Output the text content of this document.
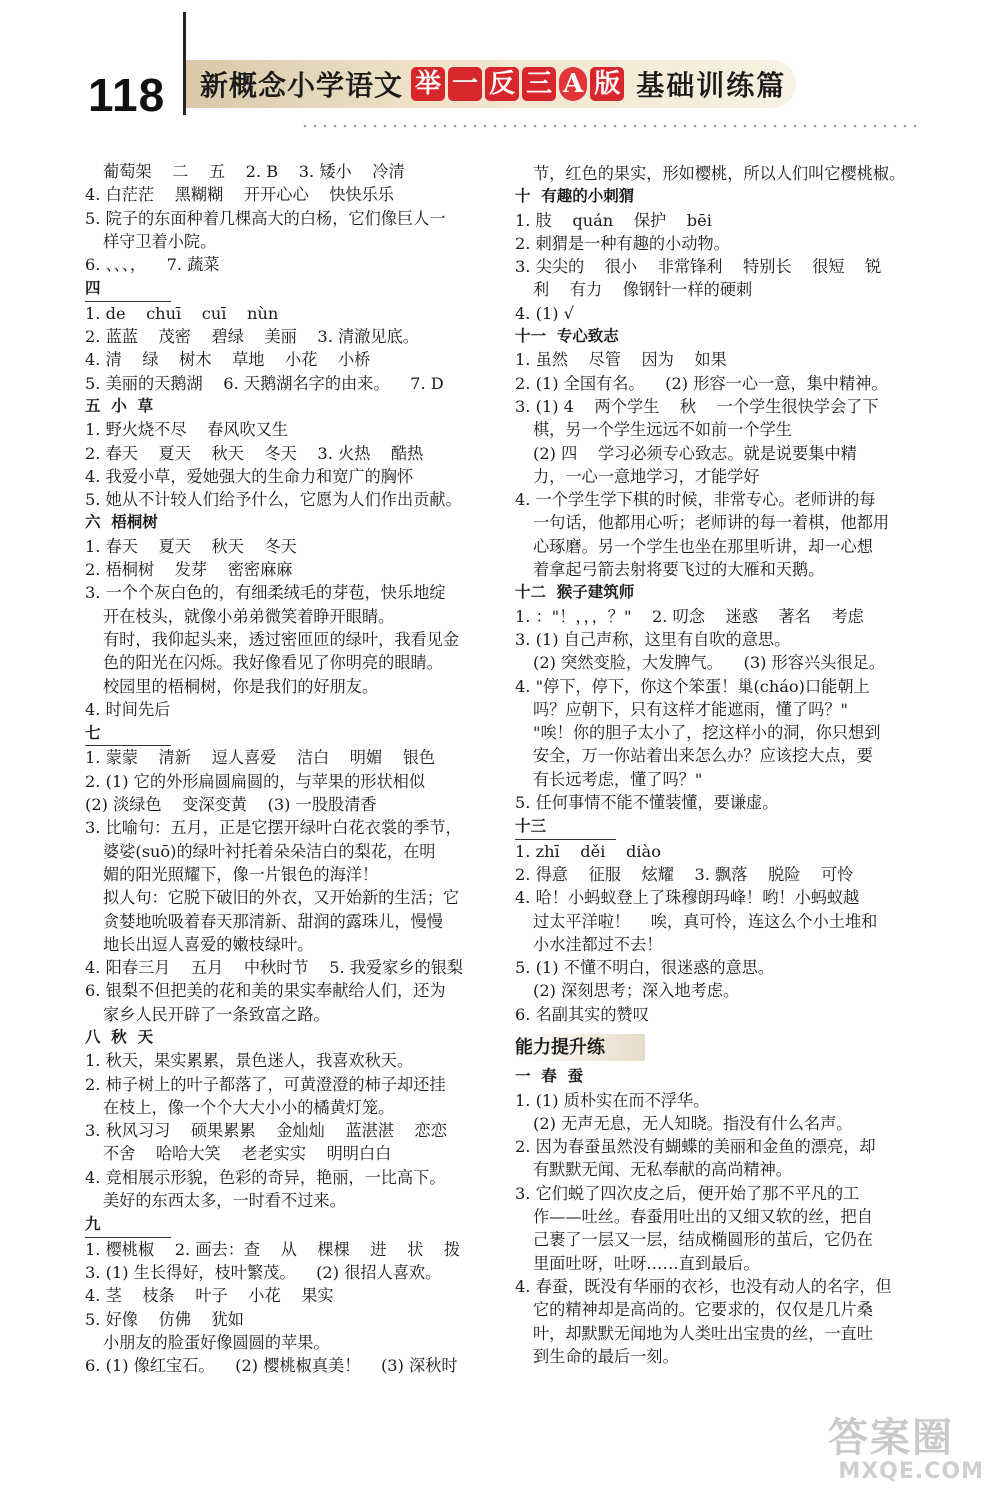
118 新概念小学语文 举 一 反 三 A 版 基础训练篇
葡萄架    二    五    2. B    3. 矮小    冷清
4. 白茫茫    黑糊糊    开开心心    快快乐乐
5. 院子的东面种着几棵高大的白杨，它们像巨人一
样守卫着小院。
6. 、、、，    7. 蔬菜
四
1. de    chuī    cuī    nùn
2. 蓝蓝    茂密    碧绿    美丽    3. 清澈见底。
4. 清    绿    树木    草地    小花    小桥
5. 美丽的天鹅湖    6. 天鹅湖名字的由来。    7. D
五  小  草
1. 野火烧不尽    春风吹又生
2. 春天    夏天    秋天    冬天    3. 火热    酷热
4. 我爱小草，爱她强大的生命力和宽广的胸怀
5. 她从不计较人们给予什么，它愿为人们作出贡献。
六  梧桐树
1. 春天    夏天    秋天    冬天
2. 梧桐树    发芽    密密麻麻
3. 一个个灰白色的，有细柔绒毛的芽苞，快乐地绽
开在枝头，就像小弟弟微笑着睁开眼睛。
有时，我仰起头来，透过密匝匝的绿叶，我看见金
色的阳光在闪烁。我好像看见了你明亮的眼睛。
校园里的梧桐树，你是我们的好朋友。
4. 时间先后
七
1. 蒙蒙    清新    逗人喜爱    洁白    明媚    银色
2. (1) 它的外形扁圆扁圆的，与苹果的形状相似
(2) 淡绿色    变深变黄    (3) 一股股清香
3. 比喻句：五月，正是它摆开绿叶白花衣裳的季节，
婆娑(suō)的绿叶衬托着朵朵洁白的梨花，在明
媚的阳光照耀下，像一片银色的海洋！
拟人句：它脱下破旧的外衣，又开始新的生活；它
贪婪地吮吸着春天那清新、甜润的露珠儿，慢慢
地长出逗人喜爱的嫩枝绿叶。
4. 阳春三月    五月    中秋时节    5. 我爱家乡的银梨
6. 银梨不但把美的花和美的果实奉献给人们，还为
家乡人民开辟了一条致富之路。
八  秋  天
1. 秋天，果实累累，景色迷人，我喜欢秋天。
2. 柿子树上的叶子都落了，可黄澄澄的柿子却还挂
在枝上，像一个个大大小小的橘黄灯笼。
3. 秋风习习    硕果累累    金灿灿    蓝湛湛    恋恋
不舍    哈哈大笑    老老实实    明明白白
4. 竞相展示形貌，色彩的奇异，艳丽，一比高下。
美好的东西太多，一时看不过来。
九
1. 樱桃椒    2. 画去：查    从    棵棵    进    状    拨
3. (1) 生长得好，枝叶繁茂。    (2) 很招人喜欢。
4. 茎    枝条    叶子    小花    果实
5. 好像    仿佛    犹如
小朋友的脸蛋好像圆圆的苹果。
6. (1) 像红宝石。    (2) 樱桃椒真美！    (3) 深秋时
节，红色的果实，形如樱桃，所以人们叫它樱桃椒。
十  有趣的小刺猬
1. 肢    quán    保护    bēi
2. 刺猬是一种有趣的小动物。
3. 尖尖的    很小    非常锋利    特别长    很短    锐
利    有力    像钢针一样的硬刺
4. (1) √
十一  专心致志
1. 虽然    尽管    因为    如果
2. (1) 全国有名。    (2) 形容一心一意，集中精神。
3. (1) 4    两个学生    秋    一个学生很快学会了下
棋，另一个学生远远不如前一个学生
(2) 四    学习必须专心致志。就是说要集中精
力，一心一意地学习，才能学好
4. 一个学生学下棋的时候，非常专心。老师讲的每
一句话，他都用心听；老师讲的每一着棋，他都用
心琢磨。另一个学生也坐在那里听讲，却一心想
着拿起弓箭去射将要飞过的大雁和天鹅。
十二  猴子建筑师
1. ："！，，，？"    2. 叨念    迷惑    著名    考虑
3. (1) 自己声称，这里有自吹的意思。
(2) 突然变脸，大发脾气。    (3) 形容兴头很足。
4. "停下，停下，你这个笨蛋！巢(cháo)口能朝上
吗？应朝下，只有这样才能遮雨，懂了吗？"
"唉！你的胆子太小了，挖这样小的洞，你只想到
安全，万一你站着出来怎么办？应该挖大点，要
有长远考虑，懂了吗？"
5. 任何事情不能不懂装懂，要谦虚。
十三
1. zhī    děi    diào
2. 得意    征服    炫耀    3. 飘落    脱险    可怜
4. 哈！小蚂蚁登上了珠穆朗玛峰！哟！小蚂蚁越
过太平洋啦！    唉，真可怜，连这么个小土堆和
小水洼都过不去！
5. (1) 不懂不明白，很迷惑的意思。
(2) 深刻思考；深入地考虑。
6. 名副其实的赞叹
能力提升练
一  春  蚕
1. (1) 质朴实在而不浮华。
(2) 无声无息，无人知晓。指没有什么名声。
2. 因为春蚕虽然没有蝴蝶的美丽和金鱼的漂亮，却
有默默无闻、无私奉献的高尚精神。
3. 它们蜕了四次皮之后，便开始了那不平凡的工
作——吐丝。春蚕用吐出的又细又软的丝，把自
己裹了一层又一层，结成椭圆形的茧后，它仍在
里面吐呀，吐呀……直到最后。
4. 春蚕，既没有华丽的衣衫，也没有动人的名字，但
它的精神却是高尚的。它要求的，仅仅是几片桑
叶，却默默无闻地为人类吐出宝贵的丝，一直吐
到生命的最后一刻。
答案圈
MXQE.COM
